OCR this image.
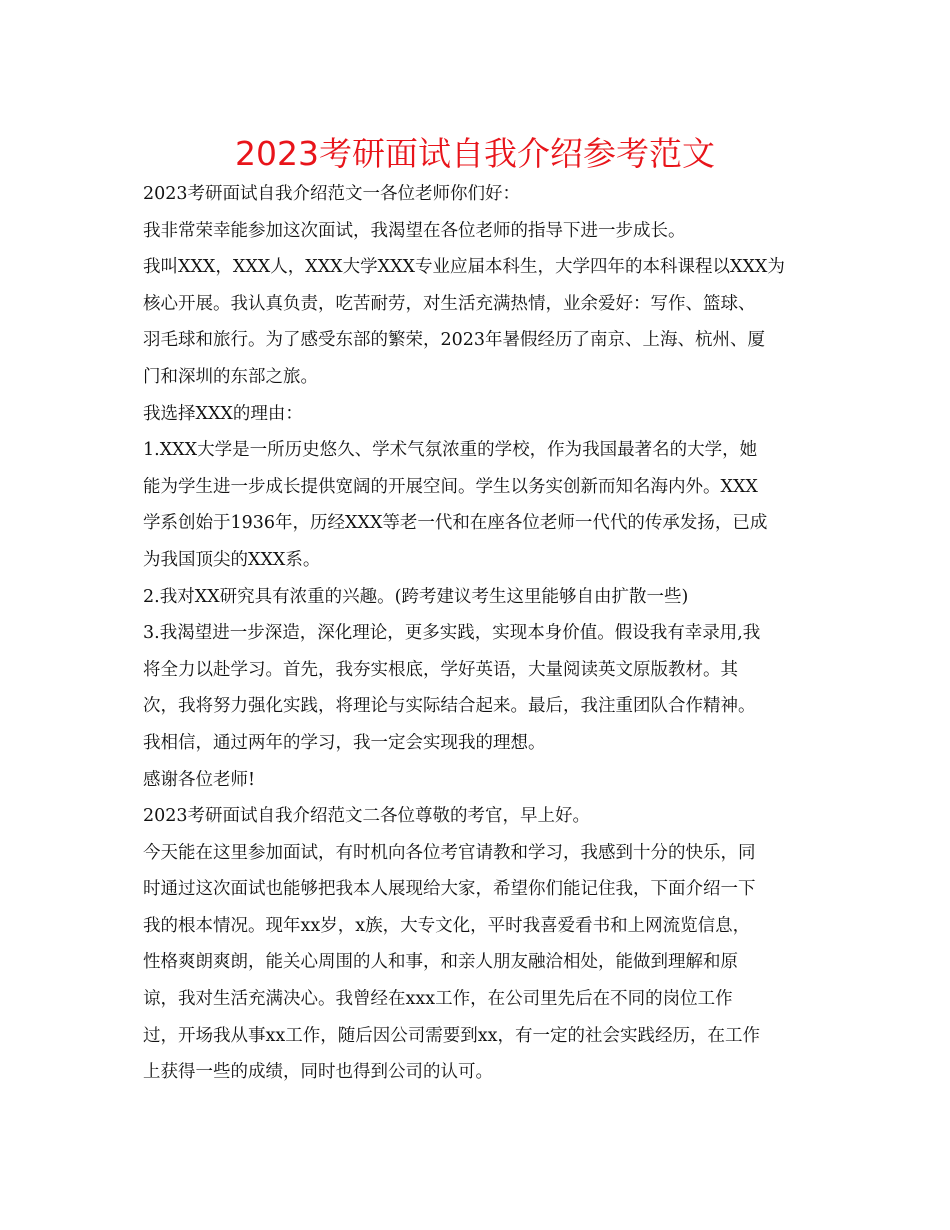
2023考研面试自我介绍参考范文

2023考研面试自我介绍范文一各位老师你们好：

我非常荣幸能参加这次面试，我渴望在各位老师的指导下进一步成长。

我叫XXX，XXX人，XXX大学XXX专业应届本科生，大学四年的本科课程以XXX为

核心开展。我认真负责，吃苦耐劳，对生活充满热情，业余爱好：写作、篮球、

羽毛球和旅行。为了感受东部的繁荣，2023年暑假经历了南京、上海、杭州、厦

门和深圳的东部之旅。

我选择XXX的理由：

1.XXX大学是一所历史悠久、学术气氛浓重的学校，作为我国最著名的大学，她

能为学生进一步成长提供宽阔的开展空间。学生以务实创新而知名海内外。XXX

学系创始于1936年，历经XXX等老一代和在座各位老师一代代的传承发扬，已成

为我国顶尖的XXX系。

2.我对XX研究具有浓重的兴趣。(跨考建议考生这里能够自由扩散一些)

3.我渴望进一步深造，深化理论，更多实践，实现本身价值。假设我有幸录用,我

将全力以赴学习。首先，我夯实根底，学好英语，大量阅读英文原版教材。其

次，我将努力强化实践，将理论与实际结合起来。最后，我注重团队合作精神。

我相信，通过两年的学习，我一定会实现我的理想。

感谢各位老师!

2023考研面试自我介绍范文二各位尊敬的考官，早上好。

今天能在这里参加面试，有时机向各位考官请教和学习，我感到十分的快乐，同

时通过这次面试也能够把我本人展现给大家，希望你们能记住我，下面介绍一下

我的根本情况。现年xx岁，x族，大专文化，平时我喜爱看书和上网流览信息，

性格爽朗爽朗，能关心周围的人和事，和亲人朋友融洽相处，能做到理解和原

谅，我对生活充满决心。我曾经在xxx工作，在公司里先后在不同的岗位工作

过，开场我从事xx工作，随后因公司需要到xx，有一定的社会实践经历，在工作

上获得一些的成绩，同时也得到公司的认可。
